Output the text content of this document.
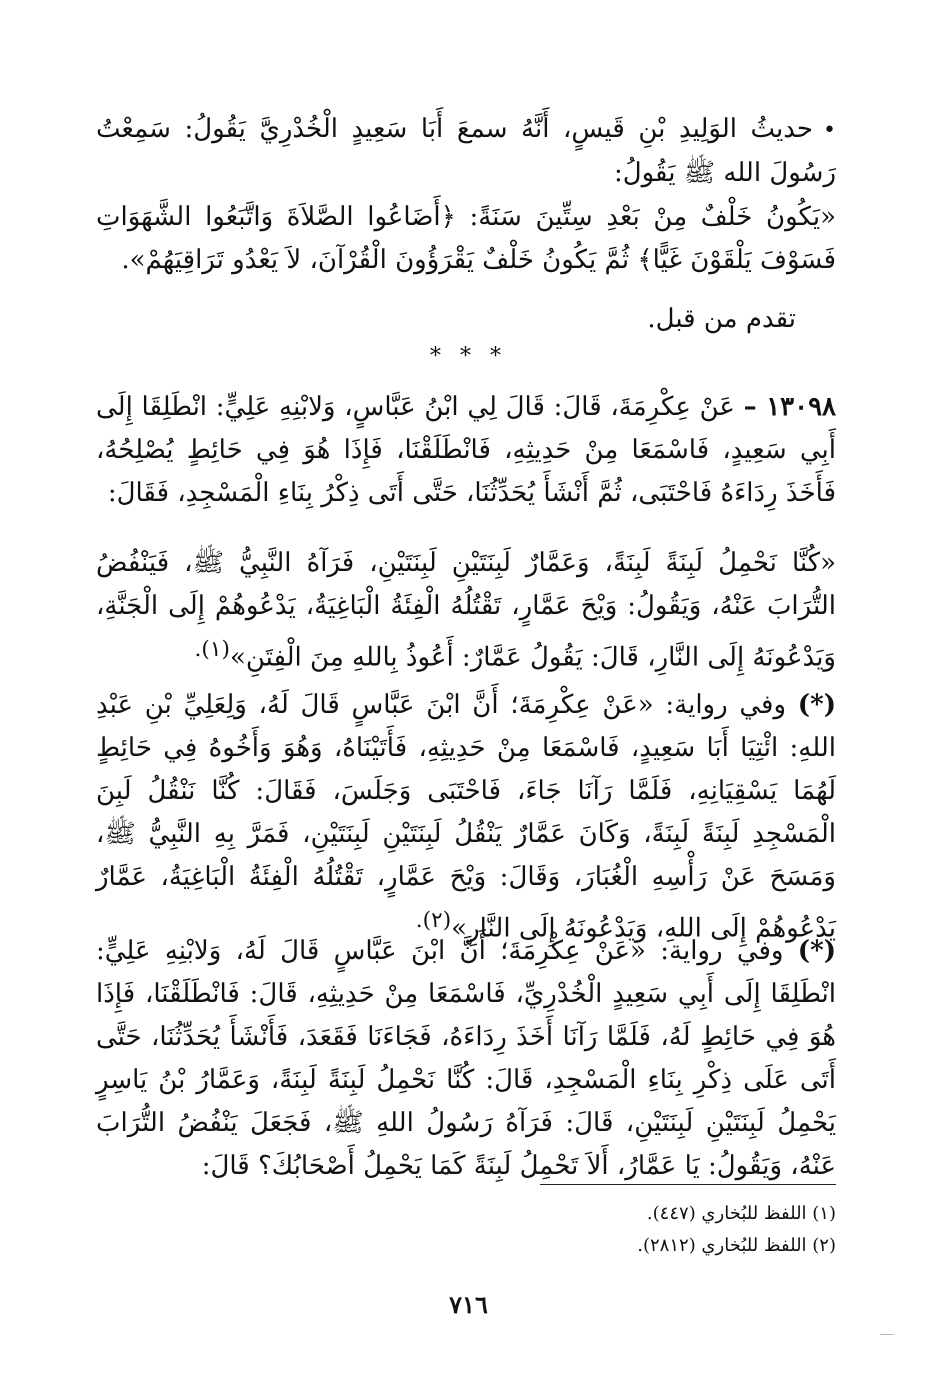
•حديثُ الوَلِيدِ بْنِ قَيسٍ، أَنَّهُ سمعَ أَبَا سَعِيدٍ الْخُدْرِيَّ يَقُولُ: سَمِعْتُ رَسُولَ الله ﷺ يَقُولُ:
«يَكُونُ خَلْفٌ مِنْ بَعْدِ سِتِّينَ سَنَةً: ﴿أَضَاعُوا الصَّلاَةَ وَاتَّبَعُوا الشَّهَوَاتِ فَسَوْفَ يَلْقَوْنَ غَيًّا﴾ ثُمَّ يَكُونُ خَلْفٌ يَقْرَؤُونَ الْقُرْآنَ، لاَ يَعْدُو تَرَاقِيَهُمْ».
تقدم من قبل.
* * *
١٣٠٩٨ – عَنْ عِكْرِمَةَ، قَالَ: قَالَ لِي ابْنُ عَبَّاسٍ، وَلابْنِهِ عَلِيٍّ: انْطَلِقَا إِلَى أَبِي سَعِيدٍ، فَاسْمَعَا مِنْ حَدِيثِهِ، فَانْطَلَقْنَا، فَإِذَا هُوَ فِي حَائِطٍ يُصْلِحُهُ، فَأَخَذَ رِدَاءَهُ فَاحْتَبَى، ثُمَّ أَنْشَأَ يُحَدِّثُنَا، حَتَّى أَتَى ذِكْرُ بِنَاءِ الْمَسْجِدِ، فَقَالَ:
«كُنَّا نَحْمِلُ لَبِنَةً لَبِنَةً، وَعَمَّارٌ لَبِنَتَيْنِ لَبِنَتَيْنِ، فَرَآهُ النَّبِيُّ ﷺ، فَيَنْفُضُ التُّرَابَ عَنْهُ، وَيَقُولُ: وَيْحَ عَمَّارٍ، تَقْتُلُهُ الْفِئَةُ الْبَاغِيَةُ، يَدْعُوهُمْ إِلَى الْجَنَّةِ، وَيَدْعُونَهُ إِلَى النَّارِ، قَالَ: يَقُولُ عَمَّارٌ: أَعُوذُ بِاللهِ مِنَ الْفِتَنِ»$^{(١).}$
(*) وفي رواية: «عَنْ عِكْرِمَةَ؛ أَنَّ ابْنَ عَبَّاسٍ قَالَ لَهُ، وَلِعَلِيِّ بْنِ عَبْدِ اللهِ: ائْتِيَا أَبَا سَعِيدٍ، فَاسْمَعَا مِنْ حَدِيثِهِ، فَأَتَيْنَاهُ، وَهُوَ وَأَخُوهُ فِي حَائِطٍ لَهُمَا يَسْقِيَانِهِ، فَلَمَّا رَآنَا جَاءَ، فَاحْتَبَى وَجَلَسَ، فَقَالَ: كُنَّا نَنْقُلُ لَبِنَ الْمَسْجِدِ لَبِنَةً لَبِنَةً، وَكَانَ عَمَّارٌ يَنْقُلُ لَبِنَتَيْنِ لَبِنَتَيْنِ، فَمَرَّ بِهِ النَّبِيُّ ﷺ، وَمَسَحَ عَنْ رَأْسِهِ الْغُبَارَ، وَقَالَ: وَيْحَ عَمَّارٍ، تَقْتُلُهُ الْفِئَةُ الْبَاغِيَةُ، عَمَّارٌ يَدْعُوهُمْ إِلَى اللهِ، وَيَدْعُونَهُ إِلَى النَّارِ»$^{(٢).}$
(*) وفي رواية: «عَنْ عِكْرِمَةَ؛ أَنَّ ابْنَ عَبَّاسٍ قَالَ لَهُ، وَلابْنِهِ عَلِيٍّ: انْطَلِقَا إِلَى أَبِي سَعِيدٍ الْخُدْرِيِّ، فَاسْمَعَا مِنْ حَدِيثِهِ، قَالَ: فَانْطَلَقْنَا، فَإِذَا هُوَ فِي حَائِطٍ لَهُ، فَلَمَّا رَآنَا أَخَذَ رِدَاءَهُ، فَجَاءَنَا فَقَعَدَ، فَأَنْشَأَ يُحَدِّثُنَا، حَتَّى أَتَى عَلَى ذِكْرِ بِنَاءِ الْمَسْجِدِ، قَالَ: كُنَّا نَحْمِلُ لَبِنَةً لَبِنَةً، وَعَمَّارُ بْنُ يَاسِرٍ يَحْمِلُ لَبِنَتَيْنِ لَبِنَتَيْنِ، قَالَ: فَرَآهُ رَسُولُ اللهِ ﷺ، فَجَعَلَ يَنْفُضُ التُّرَابَ عَنْهُ، وَيَقُولُ: يَا عَمَّارُ، أَلاَ تَحْمِلُ لَبِنَةً كَمَا يَحْمِلُ أَصْحَابُكَ؟ قَالَ:
(١) اللفظ للبُخاري (٤٤٧).
(٢) اللفظ للبُخاري (٢٨١٢).
٧١٦
